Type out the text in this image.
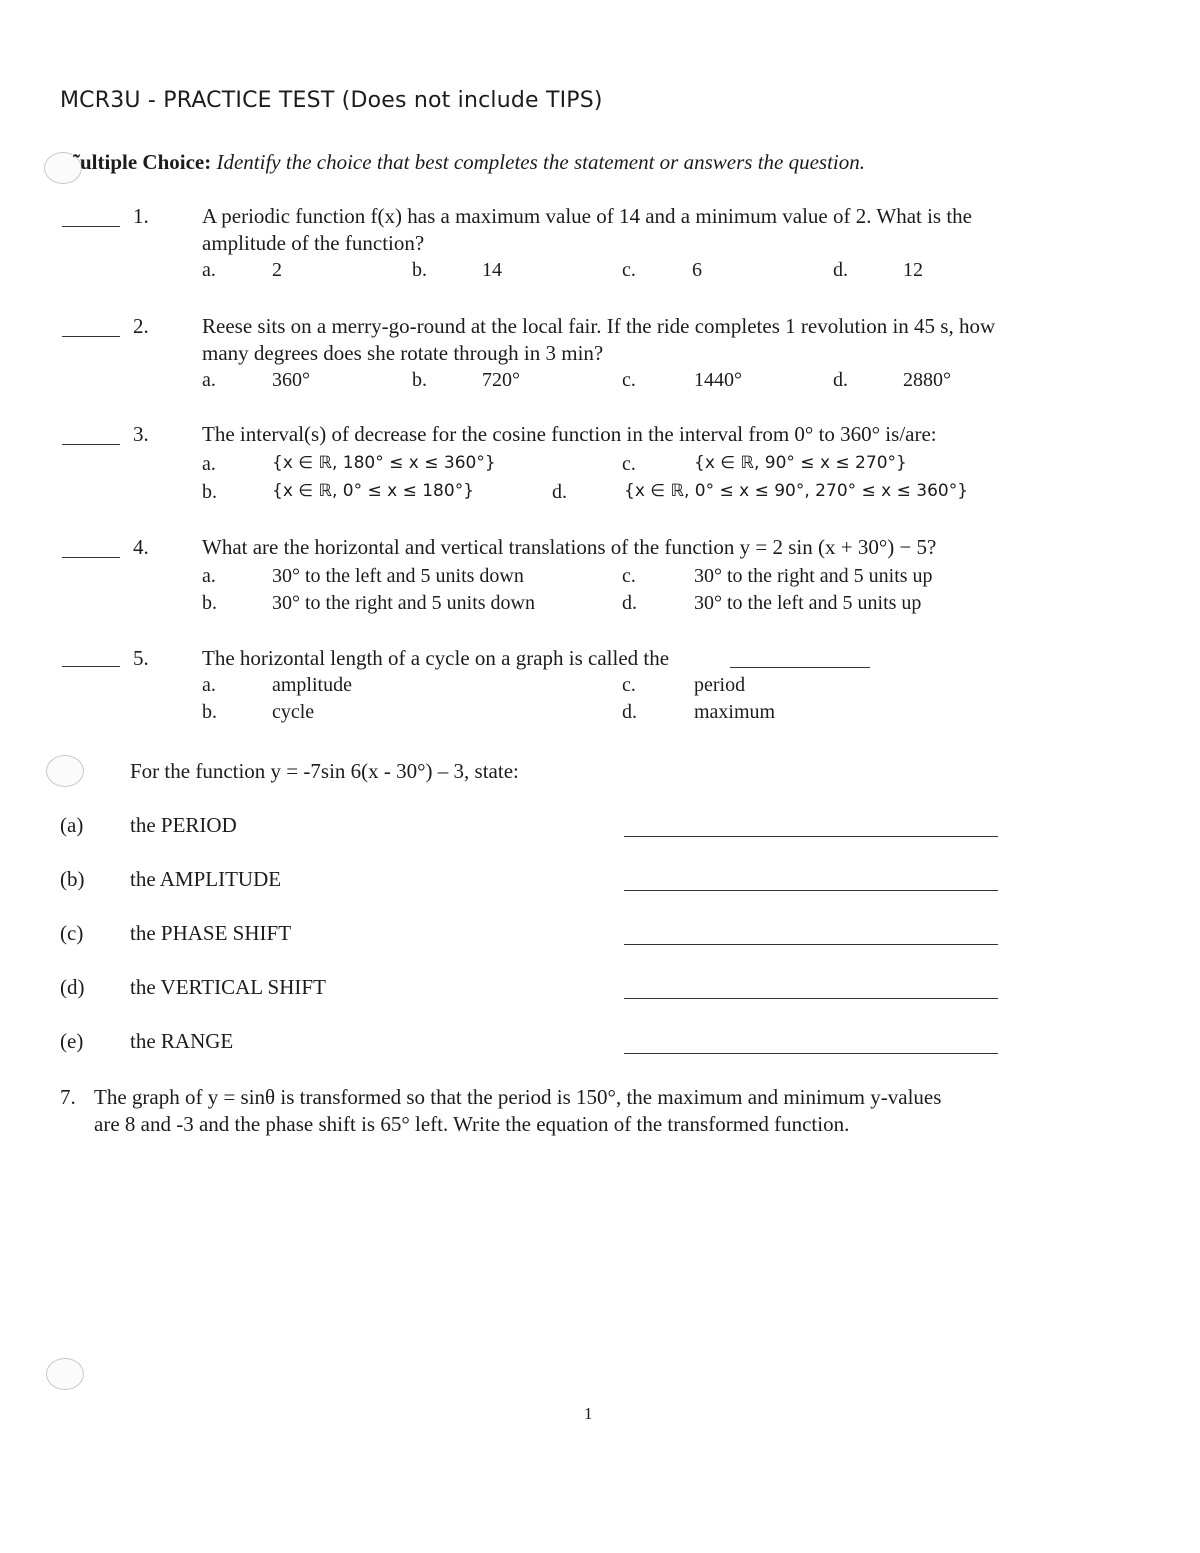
MCR3U - PRACTICE TEST (Does not include TIPS)
˜ultiple Choice: Identify the choice that best completes the statement or answers the question.
1.	A periodic function f(x) has a maximum value of 14 and a minimum value of 2. What is the
amplitude of the function?
a.	2	b.	14	c.	6	d.	12
2.	Reese sits on a merry-go-round at the local fair. If the ride completes 1 revolution in 45 s, how
many degrees does she rotate through in 3 min?
a.	360°	b.	720°	c.	1440°	d.	2880°
3.	The interval(s) of decrease for the cosine function in the interval from 0° to 360° is/are:
a.	{x ∈ ℝ, 180° ≤ x ≤ 360°}
b.	{x ∈ ℝ, 0° ≤ x ≤ 180°}
c.	{x ∈ ℝ, 90° ≤ x ≤ 270°}
d.	{x ∈ ℝ, 0° ≤ x ≤ 90°, 270° ≤ x ≤ 360°}
4.	What are the horizontal and vertical translations of the function y = 2 sin (x + 30°) − 5?
a.	30° to the left and 5 units down
b.	30° to the right and 5 units down
c.	30° to the right and 5 units up
d.	30° to the left and 5 units up
5.	The horizontal length of a cycle on a graph is called the
a.	amplitude
b.	cycle
c.	period
d.	maximum
For the function y = -7sin 6(x - 30°) – 3, state:
(a) the PERIOD
(b) the AMPLITUDE
(c) the PHASE SHIFT
(d) the VERTICAL SHIFT
(e) the RANGE
7. The graph of y = sinθ is transformed so that the period is 150°, the maximum and minimum y-values
are 8 and -3 and the phase shift is 65° left. Write the equation of the transformed function.
1
